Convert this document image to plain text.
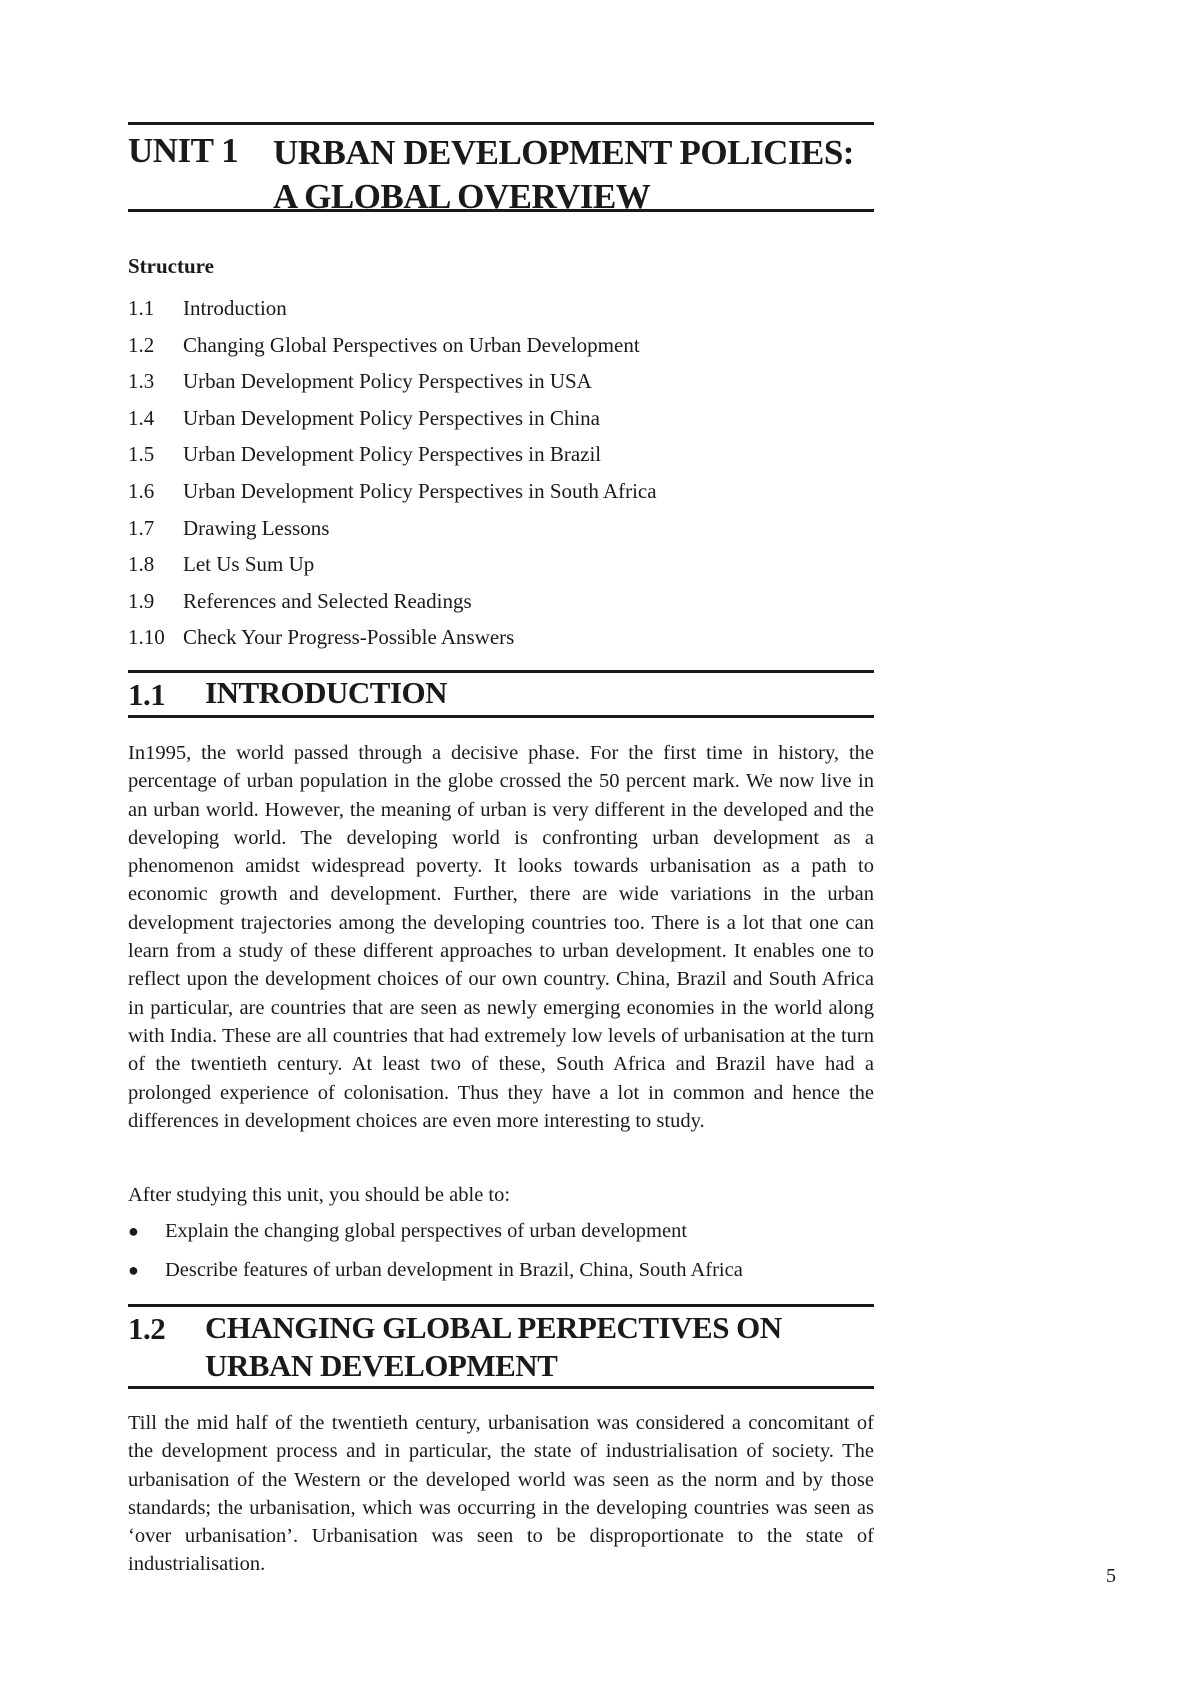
UNIT 1 URBAN DEVELOPMENT POLICIES:
A GLOBAL OVERVIEW
Structure
1.1 Introduction
1.2 Changing Global Perspectives on Urban Development
1.3 Urban Development Policy Perspectives in USA
1.4 Urban Development Policy Perspectives in China
1.5 Urban Development Policy Perspectives in Brazil
1.6 Urban Development Policy Perspectives in South Africa
1.7 Drawing Lessons
1.8 Let Us Sum Up
1.9 References and Selected Readings
1.10 Check Your Progress-Possible Answers
1.1 INTRODUCTION

In1995, the world passed through a decisive phase. For the first time in history, the percentage of urban population in the globe crossed the 50 percent mark. We now live in an urban world. However, the meaning of urban is very different in the developed and the developing world. The developing world is confronting urban development as a phenomenon amidst widespread poverty. It looks towards urbanisation as a path to economic growth and development. Further, there are wide variations in the urban development trajectories among the developing countries too. There is a lot that one can learn from a study of these different approaches to urban development. It enables one to reflect upon the development choices of our own country. China, Brazil and South Africa in particular, are countries that are seen as newly emerging economies in the world along with India. These are all countries that had extremely low levels of urbanisation at the turn of the twentieth century. At least two of these, South Africa and Brazil have had a prolonged experience of colonisation. Thus they have a lot in common and hence the differences in development choices are even more interesting to study.

After studying this unit, you should be able to:

● Explain the changing global perspectives of urban development
● Describe features of urban development in Brazil, China, South Africa
1.2 CHANGING GLOBAL PERPECTIVES ON
URBAN DEVELOPMENT

Till the mid half of the twentieth century, urbanisation was considered a concomitant of the development process and in particular, the state of industrialisation of society. The urbanisation of the Western or the developed world was seen as the norm and by those standards; the urbanisation, which was occurring in the developing countries was seen as ‘over urbanisation’. Urbanisation was seen to be disproportionate to the state of industrialisation.

5
